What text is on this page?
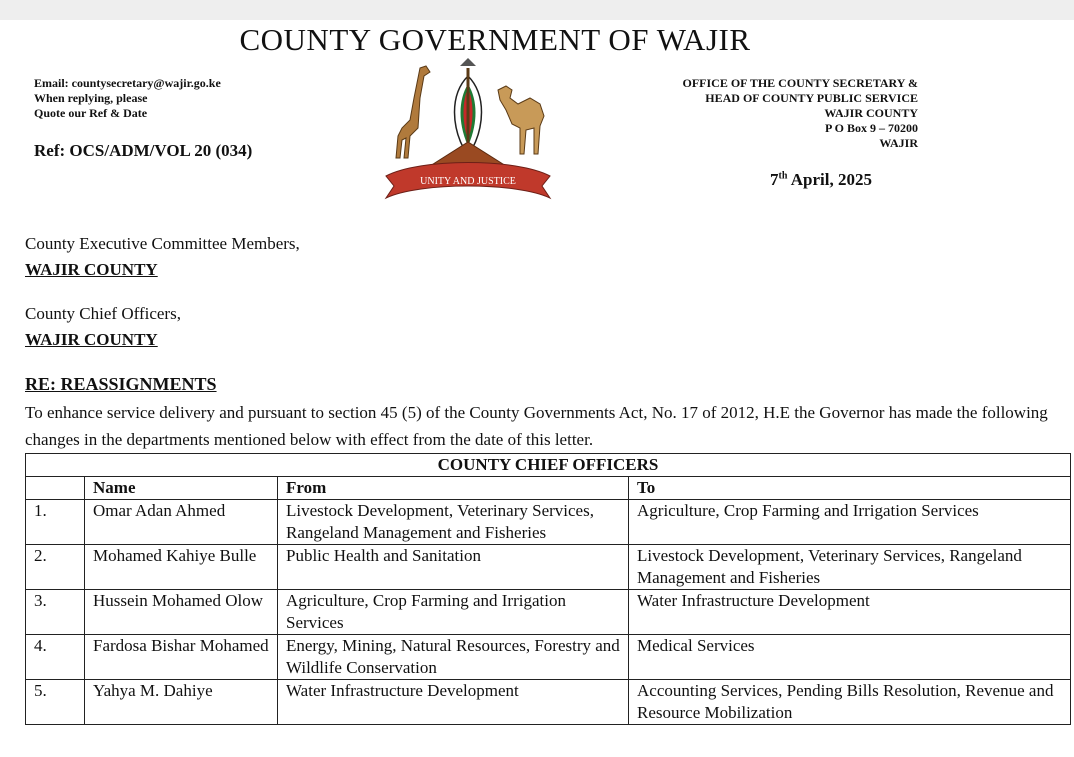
COUNTY GOVERNMENT OF WAJIR
Email: countysecretary@wajir.go.ke
When replying, please
Quote our Ref & Date
Ref: OCS/ADM/VOL 20 (034)
UNITY AND JUSTICE
OFFICE OF THE COUNTY SECRETARY &
HEAD OF COUNTY PUBLIC SERVICE
WAJIR COUNTY
P O Box 9 – 70200
WAJIR
7th April, 2025
County Executive Committee Members,
WAJIR COUNTY
County Chief Officers,
WAJIR COUNTY
RE: REASSIGNMENTS
To enhance service delivery and pursuant to section 45 (5) of the County Governments Act, No. 17 of 2012, H.E the Governor has made the following changes in the departments mentioned below with effect from the date of this letter.
COUNTY CHIEF OFFICERS			
	Name	From	To
1.	Omar Adan Ahmed	Livestock Development, Veterinary Services, Rangeland Management and Fisheries	Agriculture, Crop Farming and Irrigation Services
2.	Mohamed Kahiye Bulle	Public Health and Sanitation	Livestock Development, Veterinary Services, Rangeland Management and Fisheries
3.	Hussein Mohamed Olow	Agriculture, Crop Farming and Irrigation Services	Water Infrastructure Development
4.	Fardosa Bishar Mohamed	Energy, Mining, Natural Resources, Forestry and Wildlife Conservation	Medical Services
5.	Yahya M. Dahiye	Water Infrastructure Development	Accounting Services, Pending Bills Resolution, Revenue and Resource Mobilization
